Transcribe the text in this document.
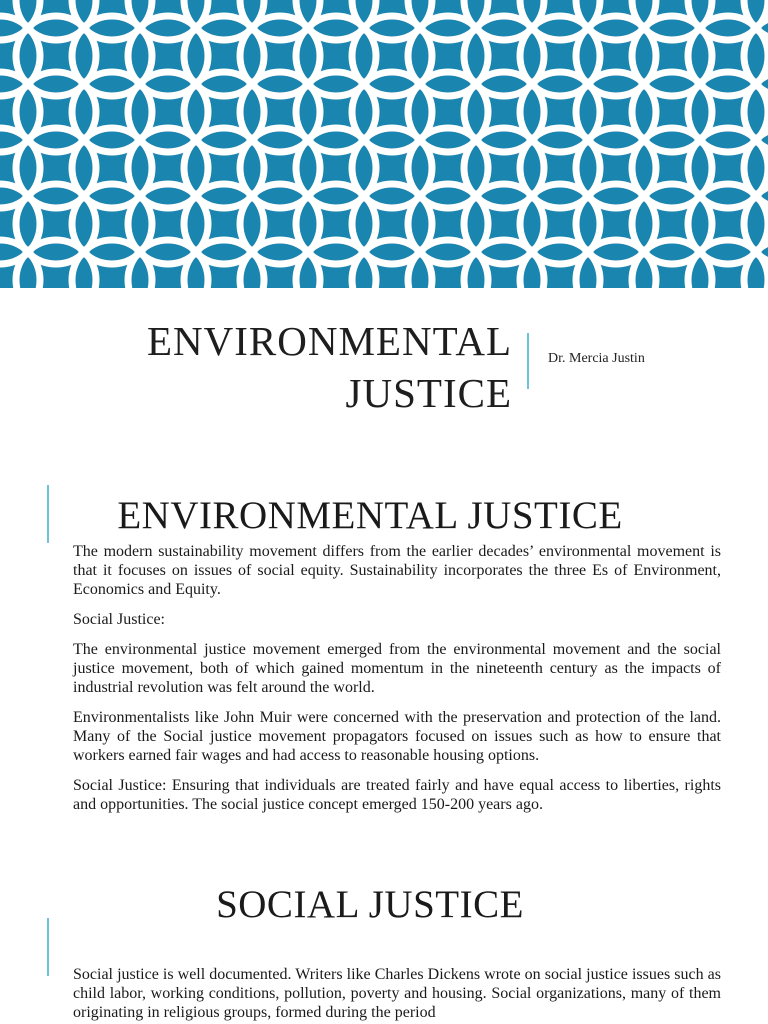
ENVIRONMENTAL
JUSTICE
Dr. Mercia Justin
ENVIRONMENTAL JUSTICE

The modern sustainability movement differs from the earlier decades’ environmental movement is that it focuses on issues of social equity. Sustainability incorporates the three Es of Environment, Economics and Equity.

Social Justice:

The environmental justice movement emerged from the environmental movement and the social justice movement, both of which gained momentum in the nineteenth century as the impacts of industrial revolution was felt around the world.

Environmentalists like John Muir were concerned with the preservation and protection of the land. Many of the Social justice movement propagators focused on issues such as how to ensure that workers earned fair wages and had access to reasonable housing options.

Social Justice: Ensuring that individuals are treated fairly and have equal access to liberties, rights and opportunities. The social justice concept emerged 150-200 years ago.

SOCIAL JUSTICE

Social justice is well documented. Writers like Charles Dickens wrote on social justice issues such as child labor, working conditions, pollution, poverty and housing. Social organizations, many of them originating in religious groups, formed during the period
